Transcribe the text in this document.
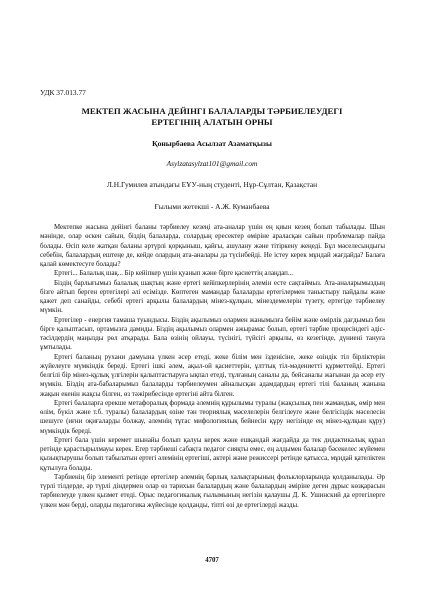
УДК 37.013.77
МЕКТЕП ЖАСЫНА ДЕЙІНГІ БАЛАЛАРДЫ ТӘРБИЕЛЕУДЕГІ ЕРТЕГІНІҢ АЛАТЫН ОРНЫ
Қонырбаева Асылзат Азаматқызы
Asylzatasylzat101@gmail.com
Л.Н.Гумилев атындағы ЕҰУ-ның студенті, Нұр-Сұлтан, Қазақстан
Ғылыми жетекші - А.Ж. Куманбаева

Мектепке жасына дейінгі баланы тәрбиелеу кезеңі ата-аналар үшін ең қиын кезең болып табылады. Шын мәнінде, олар өскен сайын, біздің балаларда, солардың ересектер өміріне араласқан сайын проблемалар пайда болады. Өсіп келе жатқан баланы әртүрлі қорқыныш, қайғы, ашулану және тітіркену жеңеді. Бұл мәселесындығы себебін, балалардың ештеңе де, кейде олардың ата-аналары да түсінбейді. Не істеу керек мұндай жағдайда? Балаға қалай көмектесуге болады?

Ертегі... Балалық шақ... Бір кейіпкер үшін қуанып және бірге қасиеттің алаңдап...

Біздің барлығымыз балалық шақтың және ертегі кейіпкерлерінің әлемін есте сақтаймыз. Ата-аналарымыздың бізге айтып берген ертегілері әлі есімізде. Көптеген мамандар балаларды ертегілермен таныстыру пайдалы және қажет деп санайды, себебі ертегі арқылы балалардың мінез-құлқын, мінездемелерін түзету, ертегіде тәрбиелеу мүмкін.

Ертегілер - енергия тамаша туындысы. Біздің ақылымыз олармен жанымызға бейім және өмірлік дағдымыз бен бірге қалыптасып, ортамызға дамиды. Біздің ақылымыз олармен ажырамас болып, ертегі тәрбие процесіндегі әдіс-тәсілдердің маңызды рөл атқарады. Бала өзінің ойлауы, түсінігі, түйсігі арқылы, өз кезегінде, дүниені тануға ұмтылады.

Ертегі баланың рухани дамуына үлкен әсер етеді, жеке білім мен ізденісіне, жеке өзіндік тіл бірліктерін жүйелеуге мүмкіндік береді. Ертегі ішкі әлем, ақыл-ой қасиеттерін, ұлттық тіл-мәдениетті құрметтейді. Ертегі белгілі бір мінез-құлық үлгілерін қалыптастыруға ықпал етеді, тұлғаның саналы да, бейсаналы жағынан да әсер ету мүмкін. Біздің ата-бабаларымыз балаларды тәрбиелеумен айналысқан адамдардың ертегі тілі баланың жанына жақын екенін жақсы білген, өз тәжірибесінде ертегіні айта білген.

Ертегі балаларға ерекше метафоралық формада әлемнің құрылымы туралы (жақсылық пен жамандық, өмір мен өлім, бүкіл және т.б. туралы) балалардың өзіне тән теориялық мәселелерін белгілеуге және белгісіздік мәселесін шешуге (иғни оқиғаларды болжау, әлемнің тұтас мифологиялық бейнесін құру негізінде ең мінез-құлқын құру) мүмкіндік береді.

Ертегі бала үшін керемет шынайы болып қалуы керек және ешқандай жағдайда да тек дидактикалық құрал ретінде қарастырылмауы керек. Егер тәрбиеші сабақта педагог сияқты емес, ең алдымен балалар бәсекелес жүйемен қызықтырушы болып табылатын ертегі әлемінің ертегіші, актері және режиссері ретінде қатысса, мұндай қателіктен құтылуға болады.

Тәрбиенің бір элементі ретінде ертегілер әлемнің барлық халықтарының фольклорларында қолданылады. Әр түрлі тілдерде, әр түрлі діндермен олар өз тарихын балалардың және балалардың әміріне деген дұрыс көзқарасын тәрбиелеуде үлкен қызмет етеді. Орыс педагогикалық ғылымының негізін қалаушы Д. К. Ушинский да ертегілерге үлкен мән берді, оларды педагогика жүйесінде қолданды, тіпті өзі де ертегілерді жазды.

4707
